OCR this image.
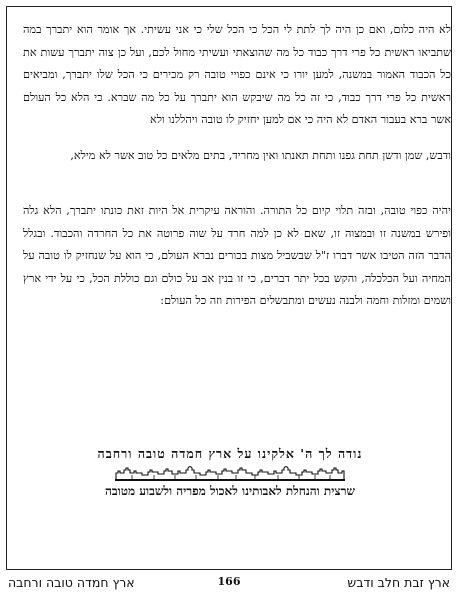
לא היה כלום, ואם כן היה לך לתת לי הכל כי הכל שלי כי אני עשיתי. אך אומר הוא יתברך במה שתביאו ראשית כל פרי דרך כבוד כל מה שהוצאתי ועשיתי מחול לכם, ועל כן צוה יתברך עשות את כל הכבוד האמור במשנה, למען יורו כי אינם כפויי טובה רק מכירים כי הכל שלו יתברך, ומביאים ראשית כל פרי דרך כבוד, כי זה כל מה שיבקש הוא יתברך על כל מה שברא. כי הלא כל העולם אשר ברא בעבור האדם לא היה כי אם למען יחזיק לו טובה ויהללנו ולא

ודבש, שמן ודשן תחת גפנו ותחת תאנתו ואין מחריד, בתים מלאים כל טוב אשר לא מילא,

יהיה כפוי טובה, ובזה תלוי קיום כל התורה. והוראה עיקרית אל היות זאת כונתו יתברך, הלא גלה ופירש במשנה זו ובמצוה זו, שאם לא כן למה חרד על שוה פרוטה את כל החרדה והכבוד. ובגלל הדבר הזה הטיבו אשר דברו ז"ל שבשביל מצות בכורים נברא העולם, כי הוא על שנחזיק לו טובה על המחיה ועל הכלכלה, והקש בכל יתר דברים, כי זו בנין אב על כולם וגם כוללת הכל, כי על ידי ארץ ושמים ומזלות וחמה ולבנה נעשים ומתבשלים הפירות וזה כל העולם:

נודה לך ה' אלקינו על ארץ חמדה טובה ורחבה
שרצית והנחלת לאבותינו לאכול מפריה ולשבוע מטובה
ארץ זבת חלב ודבש
166
ארץ חמדה טובה ורחבה
